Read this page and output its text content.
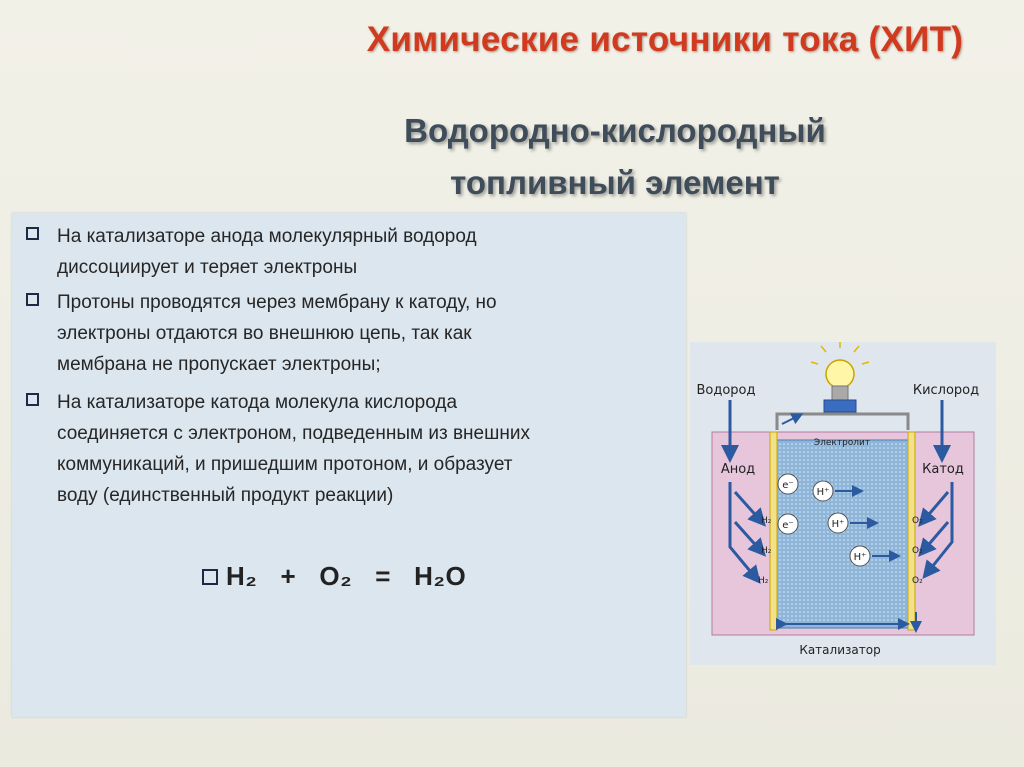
Химические источники тока (ХИТ)
Водородно-кислородный
топливный элемент
На катализаторе анода молекулярный водород
диссоциирует и теряет электроны
Протоны проводятся через мембрану к катоду, но
электроны отдаются во внешнюю цепь, так как
мембрана не пропускает электроны;
На катализаторе катода молекула кислорода
соединяется с электроном, подведенным из внешних
коммуникаций, и пришедшим протоном, и образует
воду (единственный продукт реакции)
H₂   +   O₂   =   H₂O
e⁻
e⁻
H⁺
H⁺
H⁺
Водород	Кислород
Анод	Катод
Электролит
Катализатор
H₂
H₂
H₂
O₂
O₂
O₂
